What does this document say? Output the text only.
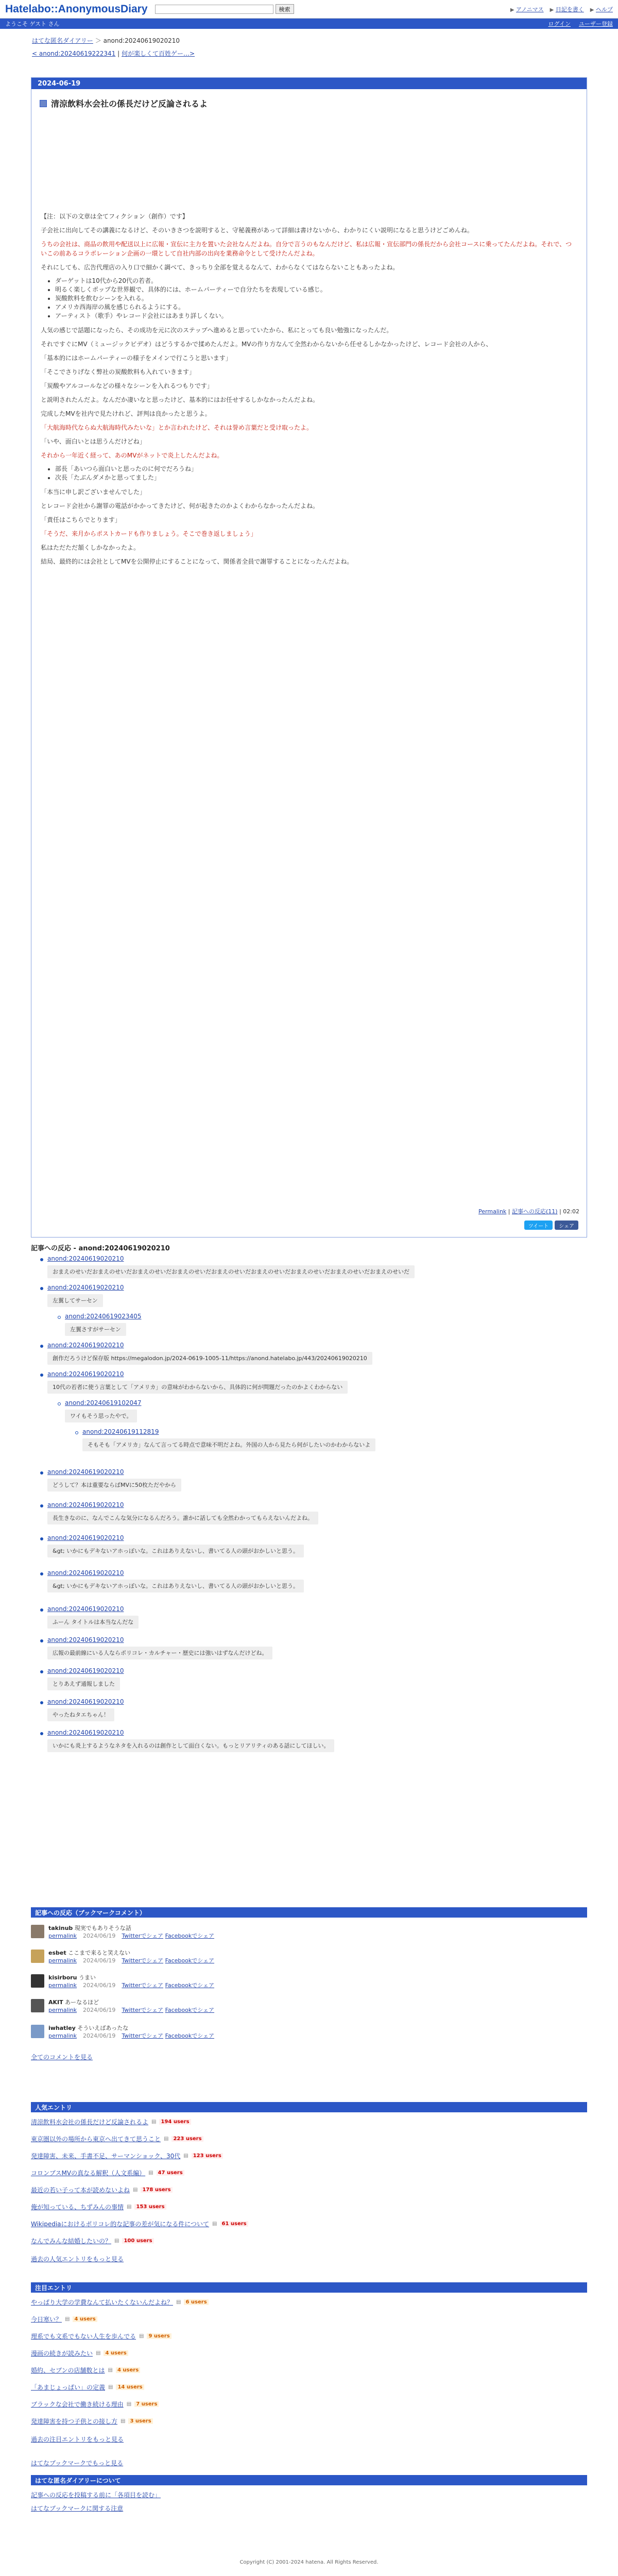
Hatelabo::AnonymousDiary	検索	▶ アノニマス ▶ 日記を書く ▶ ヘルプ
ようこそ ゲスト さん	ログイン ユーザー登録
はてな匿名ダイアリー ＞ anond:20240619020210
< anond:20240619222341 | 何が楽しくて百姓ゲー…>
2024-06-19
清涼飲料水会社の係長だけど反論されるよ

【注：以下の文章は全てフィクション（創作）です】

子会社に出向してその講義になるけど、そのいきさつを説明すると、守秘義務があって詳細は書けないから、わかりにくい説明になると思うけどごめんね。

うちの会社は、商品の飲用や配送以上に広報・宣伝に主力を置いた会社なんだよね。自分で言うのもなんだけど、私は広報・宣伝部門の係長だから会社コースに乗ってたんだよね。それで、ついこの前あるコラボレーション企画の一環として自社内部の出向を業務命令として受けたんだよね。

それにしても、広告代理店の入り口で細かく調べて、きっちり全部を覚えるなんて、わからなくてはならないこともあったよね。

• ダーゲットは10代から20代の若者。
• 明るく楽しくポップな世界観で、具体的には、ホームパーティーで自分たちを表現している感じ。
• 炭酸飲料を飲むシーンを入れる。
• アメリカ西海岸の風を感じられるようにする。
• アーティスト（歌手）やレコード会社にはあまり詳しくない。

人気の感じで話題になったら、その成功を元に次のステップへ進めると思っていたから、私にとっても良い勉強になったんだ。

それですぐにMV（ミュージックビデオ）はどうするかで揉めたんだよ。MVの作り方なんて全然わからないから任せるしかなかったけど、レコード会社の人から、

「基本的にはホームパーティーの様子をメインで行こうと思います」

「そこでさりげなく弊社の炭酸飲料も入れていきます」

「炭酸やアルコールなどの様々なシーンを入れるつもりです」

と説明されたんだよ。なんだか凄いなと思ったけど、基本的にはお任せするしかなかったんだよね。

完成したMVを社内で見たけれど、評判は良かったと思うよ。

「大航海時代ならぬ大航海時代みたいな」とか言われたけど、それは誉め言葉だと受け取ったよ。

「いや、面白いとは思うんだけどね」

それから一年近く経って、あのMVがネットで炎上したんだよね。

• 部長「あいつら面白いと思ったのに何でだろうね」
• 次長「たぶんダメかと思ってました」

「本当に申し訳ございませんでした」

とレコード会社から謝罪の電話がかかってきたけど、何が起きたのかよくわからなかったんだよね。

「責任はこちらでとります」

「そうだ、来月からポストカードも作りましょう。そこで巻き返しましょう」

私はただただ頷くしかなかったよ。

結局、最終的には会社としてMVを公開停止にすることになって、関係者全員で謝罪することになったんだよね。

Permalink | 記事への反応(11) | 02:02
ツイート	シェア
記事への反応 - anond:20240619020210
anond:20240619020210
おまえのせいだおまえのせいだおまえのせいだおまえのせいだおまえのせいだおまえのせいだおまえのせいだおまえのせいだおまえのせいだ
anond:20240619020210
左翼してサーセン
anond:20240619023405
左翼さすがサーセン
anond:20240619020210
創作だろうけど保存版 https://megalodon.jp/2024-0619-1005-11/https://anond.hatelabo.jp/443/20240619020210
anond:20240619020210
10代の若者に使う言葉として「アメリカ」の意味がわからないから、具体的に何が問題だったのかよくわからない
anond:20240619102047
ワイもそう思ったやで。
anond:20240619112819
そもそも「アメリカ」なんて言ってる時点で意味不明だよね。外国の人から見たら何がしたいのかわからないよ
anond:20240619020210
どうして？本は重要ならばMVに50枚ただやから
anond:20240619020210
長生きなのに、なんでこんな気分になるんだろう。誰かに話しても全然わかってもらえないんだよね。
anond:20240619020210
&gt; いかにもデキないアホっぽいな。これはありえないし、書いてる人の頭がおかしいと思う。
anond:20240619020210
&gt; いかにもデキないアホっぽいな。これはありえないし、書いてる人の頭がおかしいと思う。
anond:20240619020210
ふーん タイトルは本当なんだな
anond:20240619020210
広報の最前線にいる人ならポリコレ・カルチャー・歴史には強いはずなんだけどね。
anond:20240619020210
とりあえず通報しました
anond:20240619020210
やったねタエちゃん！
anond:20240619020210
いかにも炎上するようなネタを入れるのは創作として面白くない。もっとリアリティのある話にしてほしい。
記事への反応（ブックマークコメント）
takinub 現実でもありそうな話
permalink 2024/06/19 Twitterでシェア Facebookでシェア
esbet ここまで来ると笑えない
permalink 2024/06/19 Twitterでシェア Facebookでシェア
kisirboru うまい
permalink 2024/06/19 Twitterでシェア Facebookでシェア
AKIT あーなるほど
permalink 2024/06/19 Twitterでシェア Facebookでシェア
iwhatley そういえばあったな
permalink 2024/06/19 Twitterでシェア Facebookでシェア
全てのコメントを見る
人気エントリ
清涼飲料水会社の係長だけど反論されるよ ▤ 194 users
東京圏以外の場所から東京へ出てきて思うこと ▤ 223 users
発達障害、未来、手書不足、サーマンショック、30代 ▤ 123 users
コロンブスMVの真なる解釈（人文系編） ▤ 47 users
最近の若い子って本が読めないよね ▤ 178 users
俺が知っている、ちずみんの事情 ▤ 153 users
Wikipediaにおけるポリコレ的な記事の差が気になる件について ▤ 61 users
なんでみんな結婚したいの？ ▤ 100 users
過去の人気エントリをもっと見る
注目エントリ
やっぱり大学の学費なんて払いたくないんだよね？ ▤ 6 users
今日寒い？ ▤ 4 users
理系でも文系でもない人生を歩んでる ▤ 9 users
漫画の続きが読みたい ▤ 4 users
婚約、セブンの店舗数とは ▤ 4 users
「あまじょっぱい」の定義 ▤ 14 users
ブラックな会社で働き続ける理由 ▤ 7 users
発達障害を持つ子供との接し方 ▤ 3 users
過去の注目エントリをもっと見る
はてなブックマークでもっと見る
はてな匿名ダイアリーについて
記事への反応を投稿する前に「各項目を読む」
はてなブックマークに関する注意
Copyright (C) 2001-2024 hatena. All Rights Reserved.
